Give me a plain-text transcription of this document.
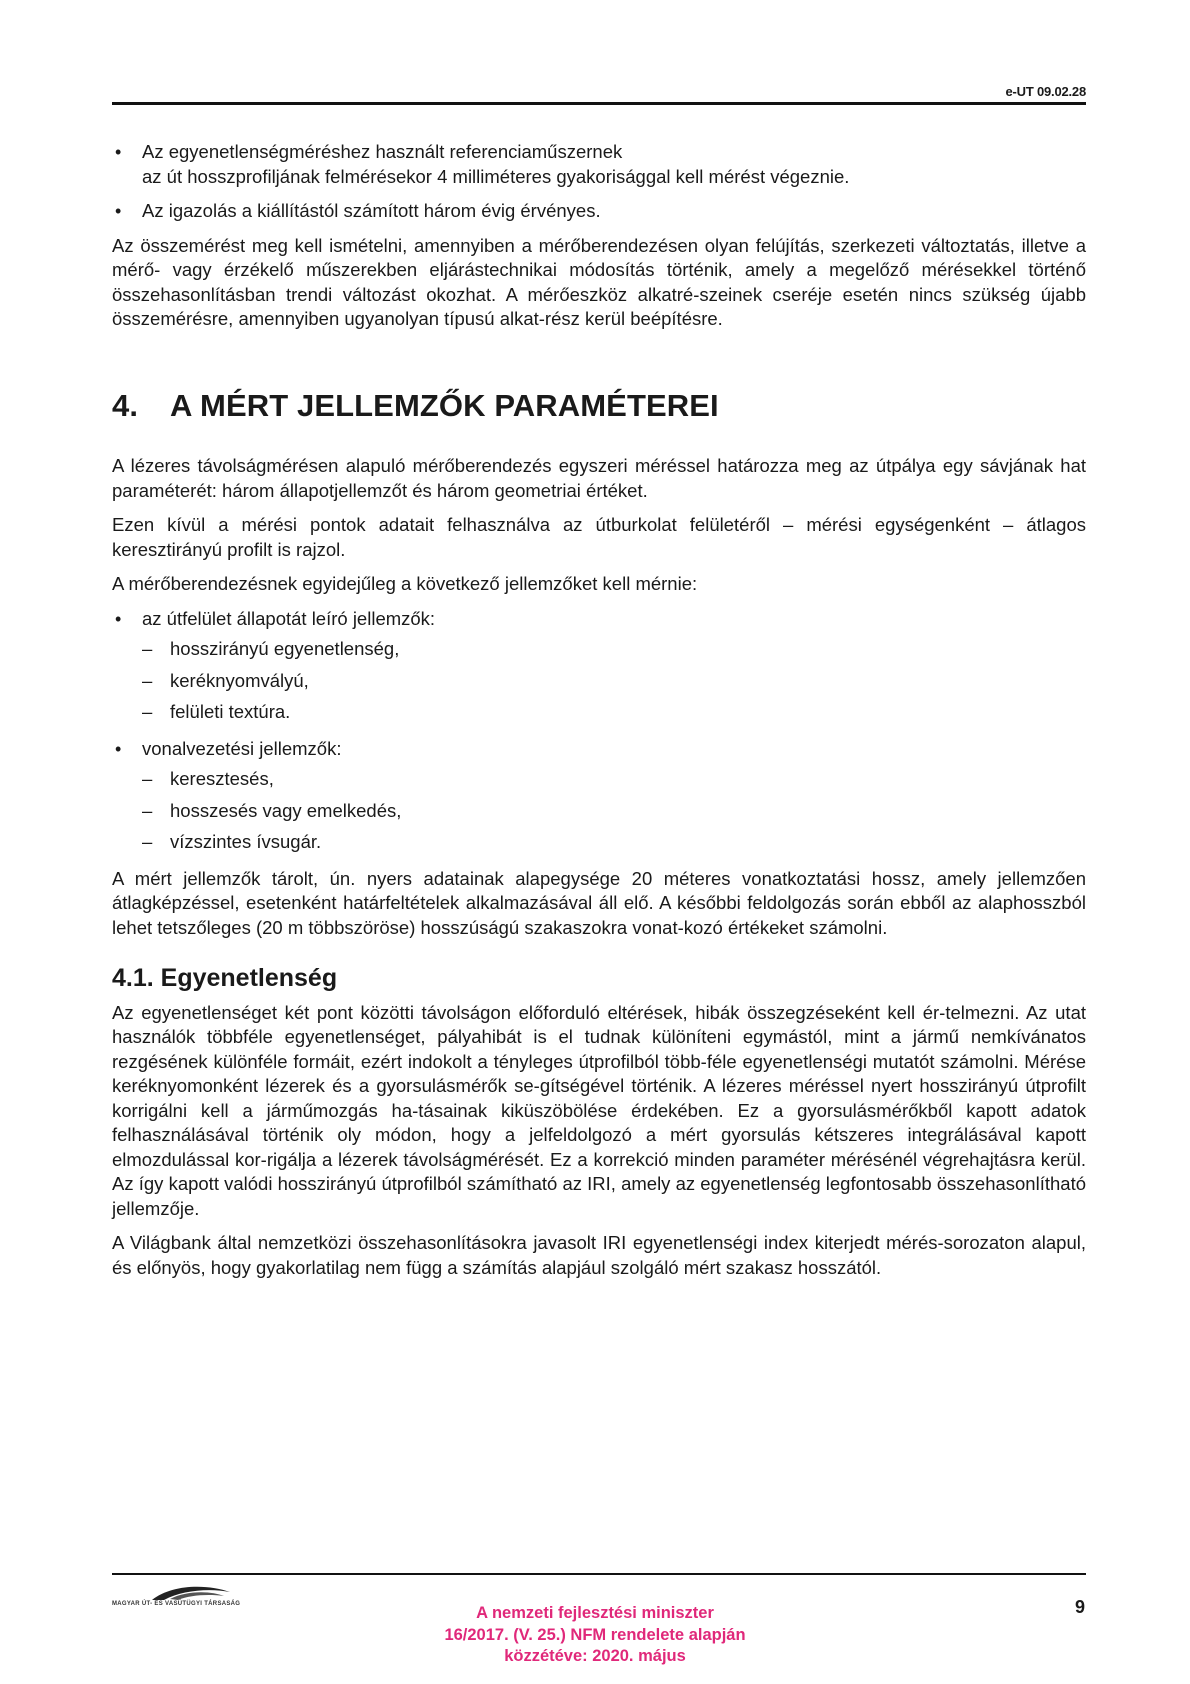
e-UT 09.02.28
• Az egyenetlenségméréshez használt referenciaműszernek
az út hosszprofiljának felmérésekor 4 milliméteres gyakorisággal kell mérést végeznie.
• Az igazolás a kiállítástól számított három évig érvényes.

Az összemérést meg kell ismételni, amennyiben a mérőberendezésen olyan felújítás, szerkezeti változtatás, illetve a mérő- vagy érzékelő műszerekben eljárástechnikai módosítás történik, amely a megelőző mérésekkel történő összehasonlításban trendi változást okozhat. A mérőeszköz alkatré-szeinek cseréje esetén nincs szükség újabb összemérésre, amennyiben ugyanolyan típusú alkat-rész kerül beépítésre.

4. A MÉRT JELLEMZŐK PARAMÉTEREI

A lézeres távolságmérésen alapuló mérőberendezés egyszeri méréssel határozza meg az útpálya egy sávjának hat paraméterét: három állapotjellemzőt és három geometriai értéket.

Ezen kívül a mérési pontok adatait felhasználva az útburkolat felületéről – mérési egységenként – átlagos keresztirányú profilt is rajzol.

A mérőberendezésnek egyidejűleg a következő jellemzőket kell mérnie:

• az útfelület állapotát leíró jellemzők:
– hosszirányú egyenetlenség,
– keréknyomvályú,
– felületi textúra.
• vonalvezetési jellemzők:
– keresztesés,
– hosszesés vagy emelkedés,
– vízszintes ívsugár.

A mért jellemzők tárolt, ún. nyers adatainak alapegysége 20 méteres vonatkoztatási hossz, amely jellemzően átlagképzéssel, esetenként határfeltételek alkalmazásával áll elő. A későbbi feldolgozás során ebből az alaphosszból lehet tetszőleges (20 m többszöröse) hosszúságú szakaszokra vonat-kozó értékeket számolni.

4.1. Egyenetlenség

Az egyenetlenséget két pont közötti távolságon előforduló eltérések, hibák összegzéseként kell ér-telmezni. Az utat használók többféle egyenetlenséget, pályahibát is el tudnak különíteni egymástól, mint a jármű nemkívánatos rezgésének különféle formáit, ezért indokolt a tényleges útprofilból több-féle egyenetlenségi mutatót számolni. Mérése keréknyomonként lézerek és a gyorsulásmérők se-gítségével történik. A lézeres méréssel nyert hosszirányú útprofilt korrigálni kell a járműmozgás ha-tásainak kiküszöbölése érdekében. Ez a gyorsulásmérőkből kapott adatok felhasználásával történik oly módon, hogy a jelfeldolgozó a mért gyorsulás kétszeres integrálásával kapott elmozdulással kor-rigálja a lézerek távolságmérését. Ez a korrekció minden paraméter mérésénél végrehajtásra kerül. Az így kapott valódi hosszirányú útprofilból számítható az IRI, amely az egyenetlenség legfontosabb összehasonlítható jellemzője.

A Világbank által nemzetközi összehasonlításokra javasolt IRI egyenetlenségi index kiterjedt mérés-sorozaton alapul, és előnyös, hogy gyakorlatilag nem függ a számítás alapjául szolgáló mért szakasz hosszától.

MAGYAR ÚT- ÉS VASÚTÜGYI TÁRSASÁG	9
A nemzeti fejlesztési miniszter
16/2017. (V. 25.) NFM rendelete alapján
közzétéve: 2020. május
